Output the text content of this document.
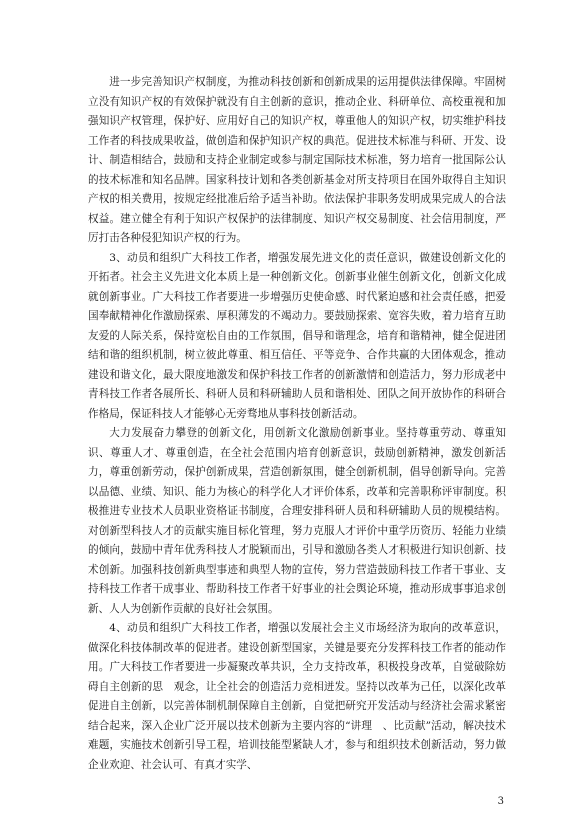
进一步完善知识产权制度，为推动科技创新和创新成果的运用提供法律保障。牢固树立没有知识产权的有效保护就没有自主创新的意识，推动企业、科研单位、高校重视和加强知识产权管理，保护好、应用好自己的知识产权，尊重他人的知识产权，切实维护科技工作者的科技成果收益，做创造和保护知识产权的典范。促进技术标准与科研、开发、设计、制造相结合，鼓励和支持企业制定或参与制定国际技术标准，努力培育一批国际公认的技术标准和知名品牌。国家科技计划和各类创新基金对所支持项目在国外取得自主知识产权的相关费用，按规定经批准后给予适当补助。依法保护非职务发明成果完成人的合法权益。建立健全有利于知识产权保护的法律制度、知识产权交易制度、社会信用制度，严厉打击各种侵犯知识产权的行为。

3、动员和组织广大科技工作者，增强发展先进文化的责任意识，做建设创新文化的开拓者。社会主义先进文化本质上是一种创新文化。创新事业催生创新文化，创新文化成就创新事业。广大科技工作者要进一步增强历史使命感、时代紧迫感和社会责任感，把爱国奉献精神化作激励探索、厚积薄发的不竭动力。要鼓励探索、宽容失败，着力培育互助友爱的人际关系，保持宽松自由的工作氛围，倡导和谐理念，培育和谐精神，健全促进团结和谐的组织机制，树立彼此尊重、相互信任、平等竞争、合作共赢的大团体观念，推动建设和谐文化，最大限度地激发和保护科技工作者的创新激情和创造活力，努力形成老中青科技工作者各展所长、科研人员和科研辅助人员和谐相处、团队之间开放协作的科研合作格局，保证科技人才能够心无旁骛地从事科技创新活动。

大力发展奋力攀登的创新文化，用创新文化激励创新事业。坚持尊重劳动、尊重知识、尊重人才、尊重创造，在全社会范围内培育创新意识，鼓励创新精神，激发创新活力，尊重创新劳动，保护创新成果，营造创新氛围，健全创新机制，倡导创新导向。完善以品德、业绩、知识、能力为核心的科学化人才评价体系，改革和完善职称评审制度。积极推进专业技术人员职业资格证书制度，合理安排科研人员和科研辅助人员的规模结构。对创新型科技人才的贡献实施目标化管理，努力克服人才评价中重学历资历、轻能力业绩的倾向，鼓励中青年优秀科技人才脱颖而出，引导和激励各类人才积极进行知识创新、技术创新。加强科技创新典型事迹和典型人物的宣传，努力营造鼓励科技工作者干事业、支持科技工作者干成事业、帮助科技工作者干好事业的社会舆论环境，推动形成事事追求创新、人人为创新作贡献的良好社会氛围。

4、动员和组织广大科技工作者，增强以发展社会主义市场经济为取向的改革意识，做深化科技体制改革的促进者。建设创新型国家，关键是要充分发挥科技工作者的能动作用。广大科技工作者要进一步凝聚改革共识，全力支持改革，积极投身改革，自觉破除妨碍自主创新的思　观念，让全社会的创造活力竞相迸发。坚持以改革为己任，以深化改革促进自主创新，以完善体制机制保障自主创新，自觉把研究开发活动与经济社会需求紧密结合起来，深入企业广泛开展以技术创新为主要内容的“讲理　、比贡献”活动，解决技术难题，实施技术创新引导工程，培训技能型紧缺人才，参与和组织技术创新活动，努力做企业欢迎、社会认可、有真才实学、

3
